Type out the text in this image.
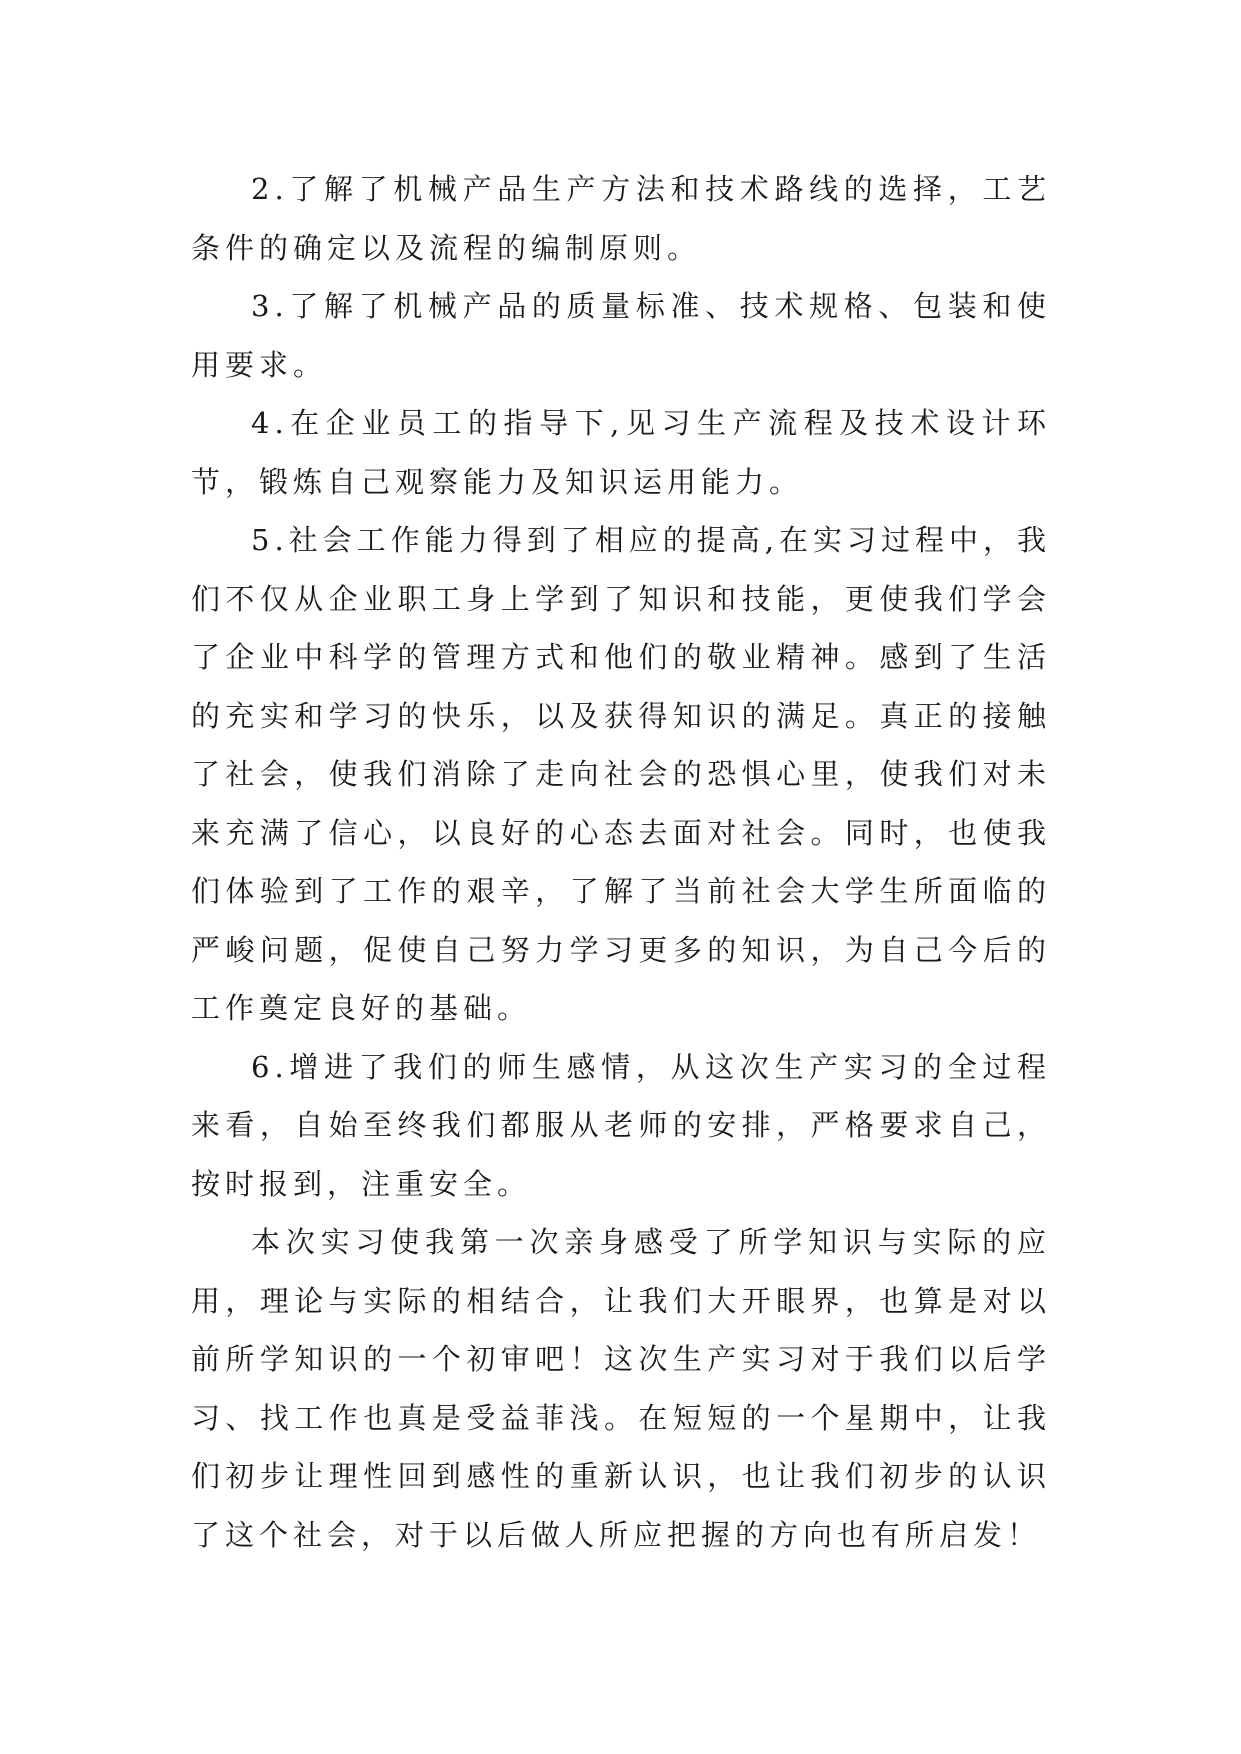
2.了解了机械产品生产方法和技术路线的选择，工艺条件的确定以及流程的编制原则。

3.了解了机械产品的质量标准、技术规格、包装和使用要求。

4.在企业员工的指导下,见习生产流程及技术设计环节，锻炼自己观察能力及知识运用能力。

5.社会工作能力得到了相应的提高,在实习过程中，我们不仅从企业职工身上学到了知识和技能，更使我们学会了企业中科学的管理方式和他们的敬业精神。感到了生活的充实和学习的快乐，以及获得知识的满足。真正的接触了社会，使我们消除了走向社会的恐惧心里，使我们对未来充满了信心，以良好的心态去面对社会。同时，也使我们体验到了工作的艰辛，了解了当前社会大学生所面临的严峻问题，促使自己努力学习更多的知识，为自己今后的工作奠定良好的基础。

6.增进了我们的师生感情，从这次生产实习的全过程来看，自始至终我们都服从老师的安排，严格要求自己，按时报到，注重安全。

本次实习使我第一次亲身感受了所学知识与实际的应用，理论与实际的相结合，让我们大开眼界，也算是对以前所学知识的一个初审吧！这次生产实习对于我们以后学习、找工作也真是受益菲浅。在短短的一个星期中，让我们初步让理性回到感性的重新认识，也让我们初步的认识了这个社会，对于以后做人所应把握的方向也有所启发！
